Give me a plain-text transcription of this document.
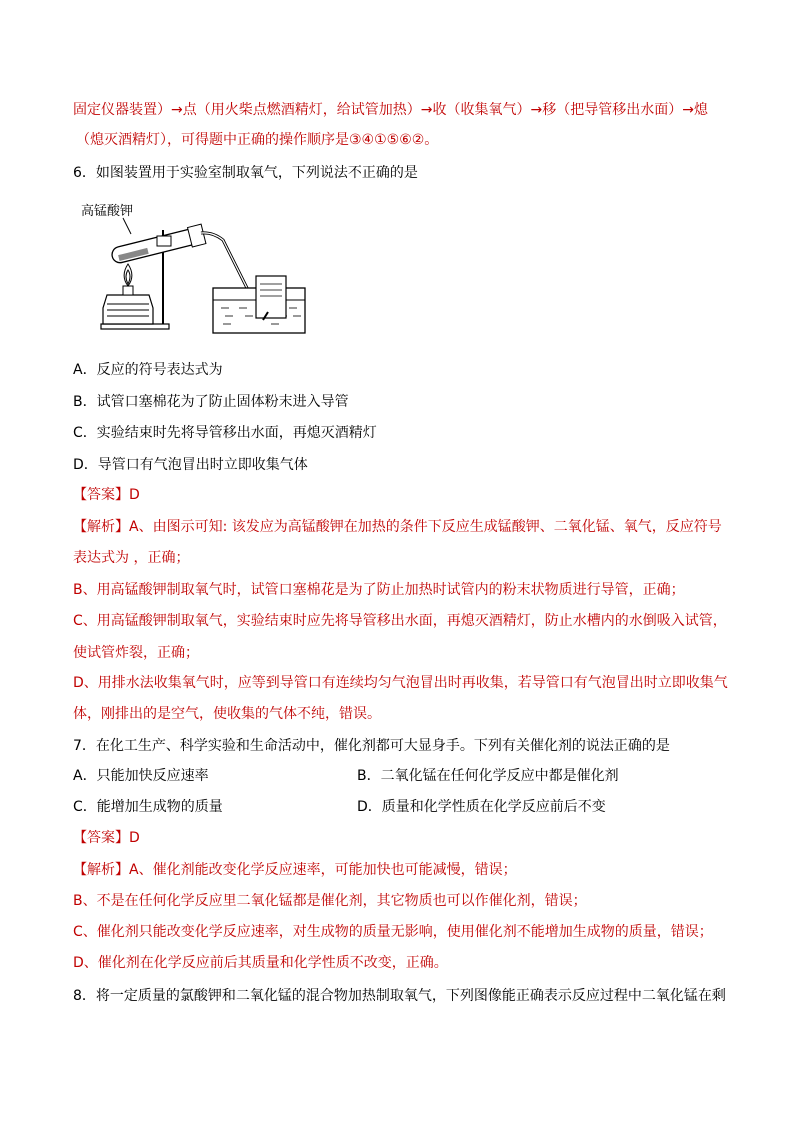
固定仪器装置）→点（用火柴点燃酒精灯，给试管加热）→收（收集氧气）→移（把导管移出水面）→熄
（熄灭酒精灯），可得题中正确的操作顺序是③④①⑤⑥②。
6．如图装置用于实验室制取氧气，下列说法不正确的是
高锰酸钾
A．反应的符号表达式为
B．试管口塞棉花为了防止固体粉末进入导管
C．实验结束时先将导管移出水面，再熄灭酒精灯
D．导管口有气泡冒出时立即收集气体
【答案】D
【解析】A、由图示可知: 该发应为高锰酸钾在加热的条件下反应生成锰酸钾、二氧化锰、氧气，反应符号
表达式为 ，正确；
B、用高锰酸钾制取氧气时，试管口塞棉花是为了防止加热时试管内的粉末状物质进行导管，正确；
C、用高锰酸钾制取氧气，实验结束时应先将导管移出水面，再熄灭酒精灯，防止水槽内的水倒吸入试管，
使试管炸裂，正确；
D、用排水法收集氧气时，应等到导管口有连续均匀气泡冒出时再收集，若导管口有气泡冒出时立即收集气
体，刚排出的是空气，使收集的气体不纯，错误。
7．在化工生产、科学实验和生命活动中，催化剂都可大显身手。下列有关催化剂的说法正确的是
A．只能加快反应速率	B．二氧化锰在任何化学反应中都是催化剂
C．能增加生成物的质量	D．质量和化学性质在化学反应前后不变
【答案】D
【解析】A、催化剂能改变化学反应速率，可能加快也可能减慢，错误；
B、不是在任何化学反应里二氧化锰都是催化剂，其它物质也可以作催化剂，错误；
C、催化剂只能改变化学反应速率，对生成物的质量无影响，使用催化剂不能增加生成物的质量，错误；
D、催化剂在化学反应前后其质量和化学性质不改变，正确。
8．将一定质量的氯酸钾和二氧化锰的混合物加热制取氧气，下列图像能正确表示反应过程中二氧化锰在剩
